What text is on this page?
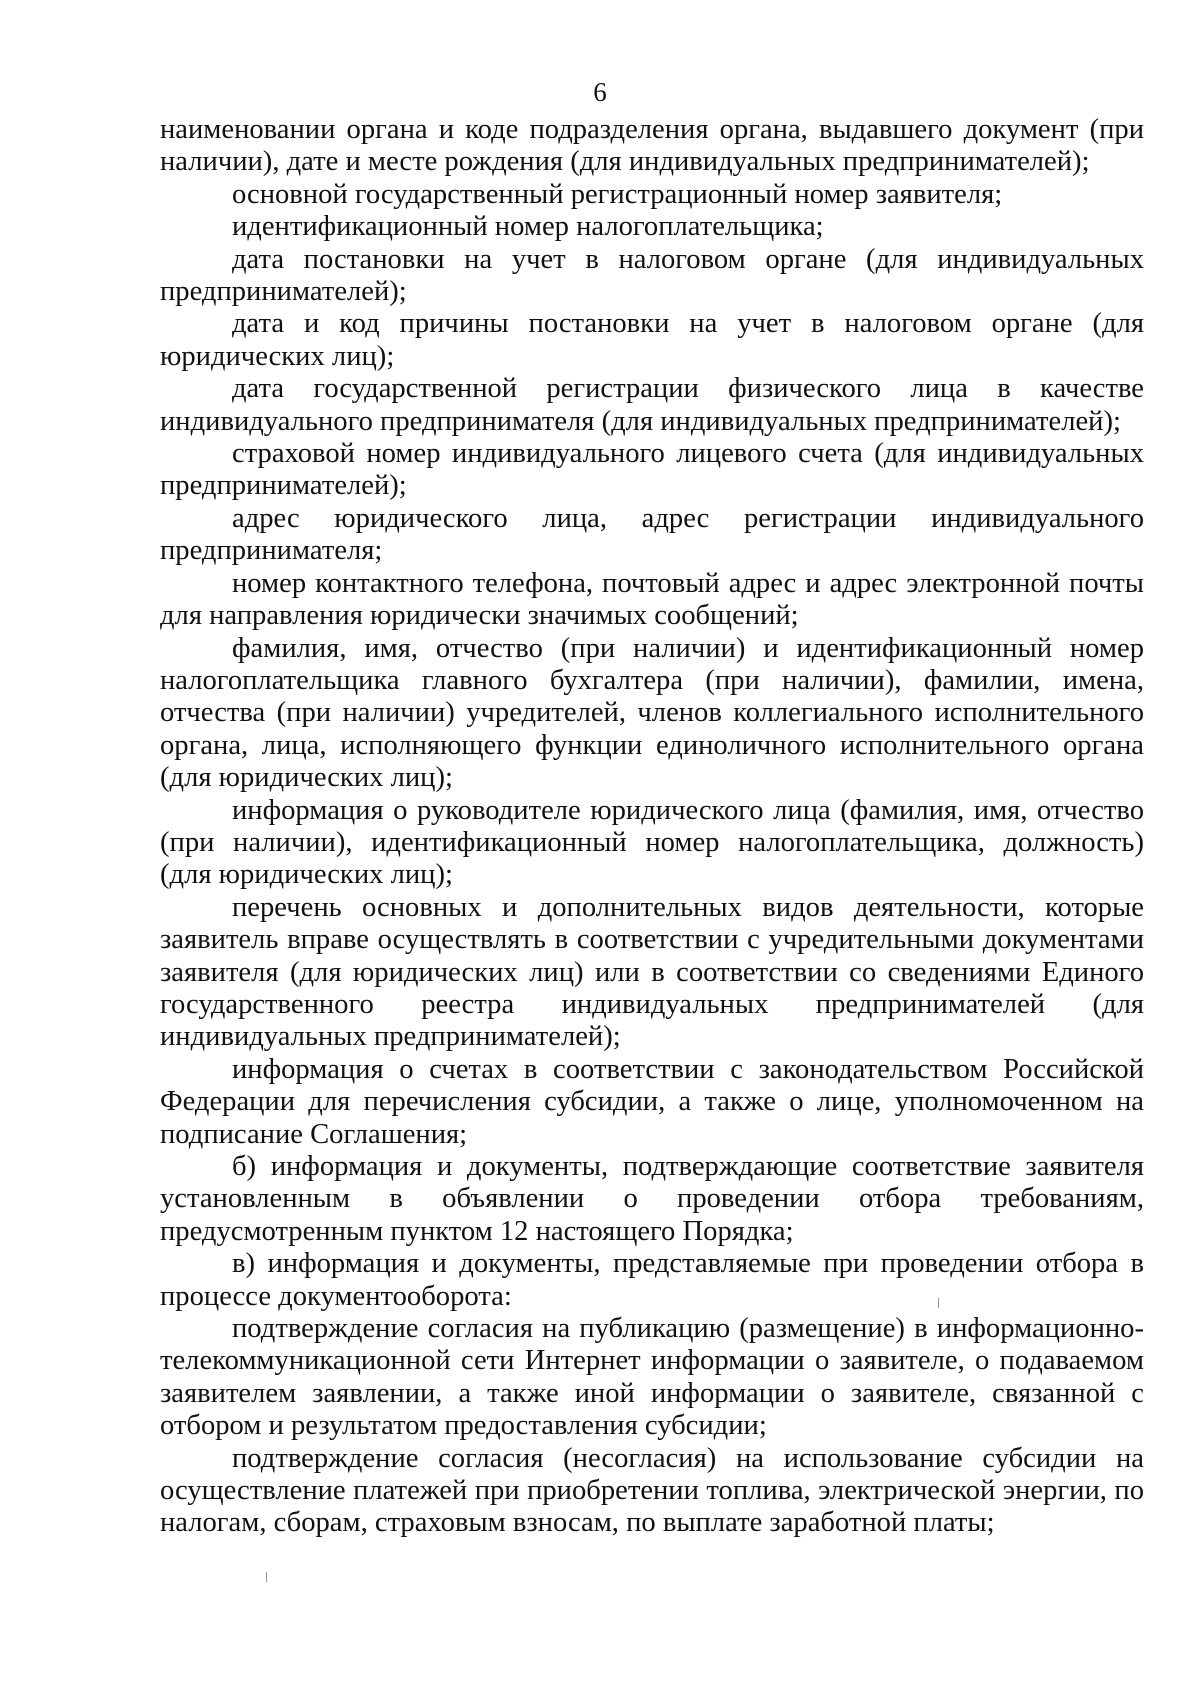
6

наименовании органа и коде подразделения органа, выдавшего документ (при наличии), дате и месте рождения (для индивидуальных предпринимателей);

основной государственный регистрационный номер заявителя;

идентификационный номер налогоплательщика;

дата постановки на учет в налоговом органе (для индивидуальных предпринимателей);

дата и код причины постановки на учет в налоговом органе (для юридических лиц);

дата государственной регистрации физического лица в качестве индивидуального предпринимателя (для индивидуальных предпринимателей);

страховой номер индивидуального лицевого счета (для индивидуальных предпринимателей);

адрес юридического лица, адрес регистрации индивидуального предпринимателя;

номер контактного телефона, почтовый адрес и адрес электронной почты для направления юридически значимых сообщений;

фамилия, имя, отчество (при наличии) и идентификационный номер налогоплательщика главного бухгалтера (при наличии), фамилии, имена, отчества (при наличии) учредителей, членов коллегиального исполнительного органа, лица, исполняющего функции единоличного исполнительного органа (для юридических лиц);

информация о руководителе юридического лица (фамилия, имя, отчество (при наличии), идентификационный номер налогоплательщика, должность) (для юридических лиц);

перечень основных и дополнительных видов деятельности, которые заявитель вправе осуществлять в соответствии с учредительными документами заявителя (для юридических лиц) или в соответствии со сведениями Единого государственного реестра индивидуальных предпринимателей (для индивидуальных предпринимателей);

информация о счетах в соответствии с законодательством Российской Федерации для перечисления субсидии, а также о лице, уполномоченном на подписание Соглашения;

б) информация и документы, подтверждающие соответствие заявителя установленным в объявлении о проведении отбора требованиям, предусмотренным пунктом 12 настоящего Порядка;

в) информация и документы, представляемые при проведении отбора в процессе документооборота:

подтверждение согласия на публикацию (размещение) в информационно-телекоммуникационной сети Интернет информации о заявителе, о подаваемом заявителем заявлении, а также иной информации о заявителе, связанной с отбором и результатом предоставления субсидии;

подтверждение согласия (несогласия) на использование субсидии на осуществление платежей при приобретении топлива, электрической энергии, по налогам, сборам, страховым взносам, по выплате заработной платы;
